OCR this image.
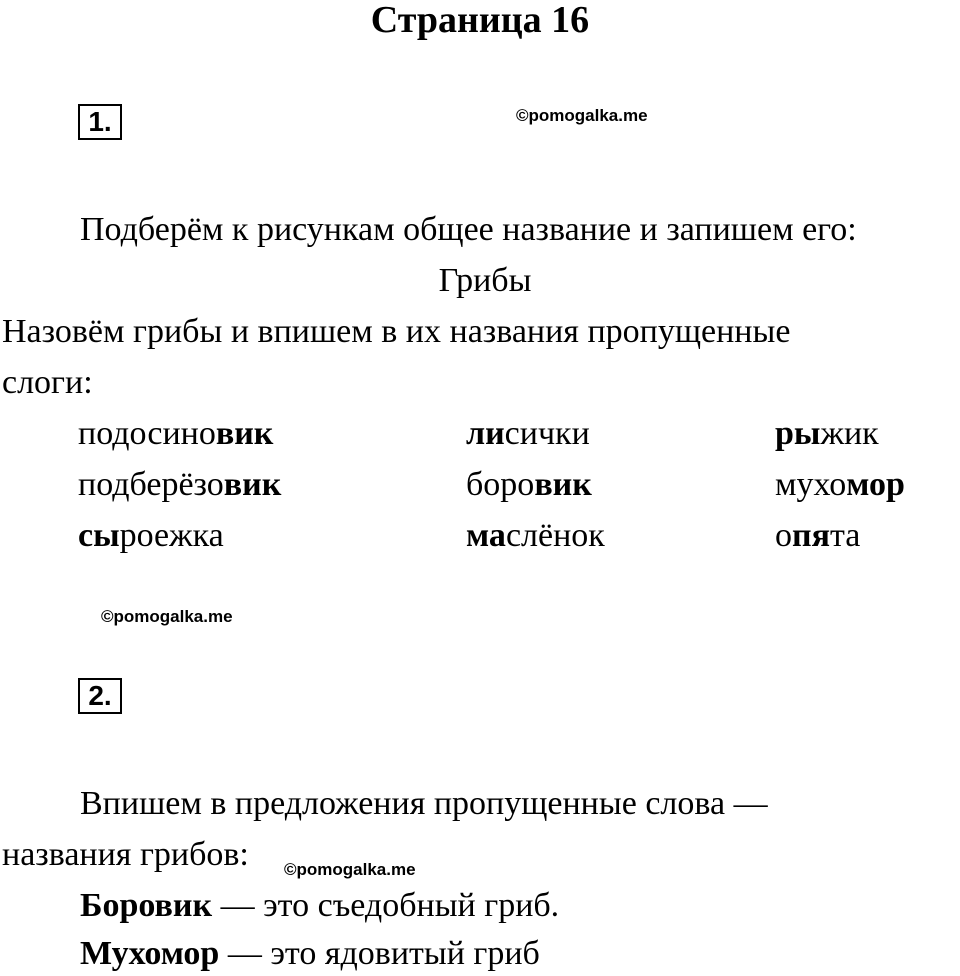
Страница 16
1.	©pomogalka.me
Подберём к рисункам общее название и запишем его:
Грибы
Назовём грибы и впишем в их названия пропущенные
слоги:
подосиновик	лисички	рыжик
подберёзовик	боровик	мухомор
сыроежка	маслёнок	опята
©pomogalka.me
2.
Впишем в предложения пропущенные слова —
названия грибов: ©pomogalka.me
Боровик — это съедобный гриб.
Мухомор — это ядовитый гриб
